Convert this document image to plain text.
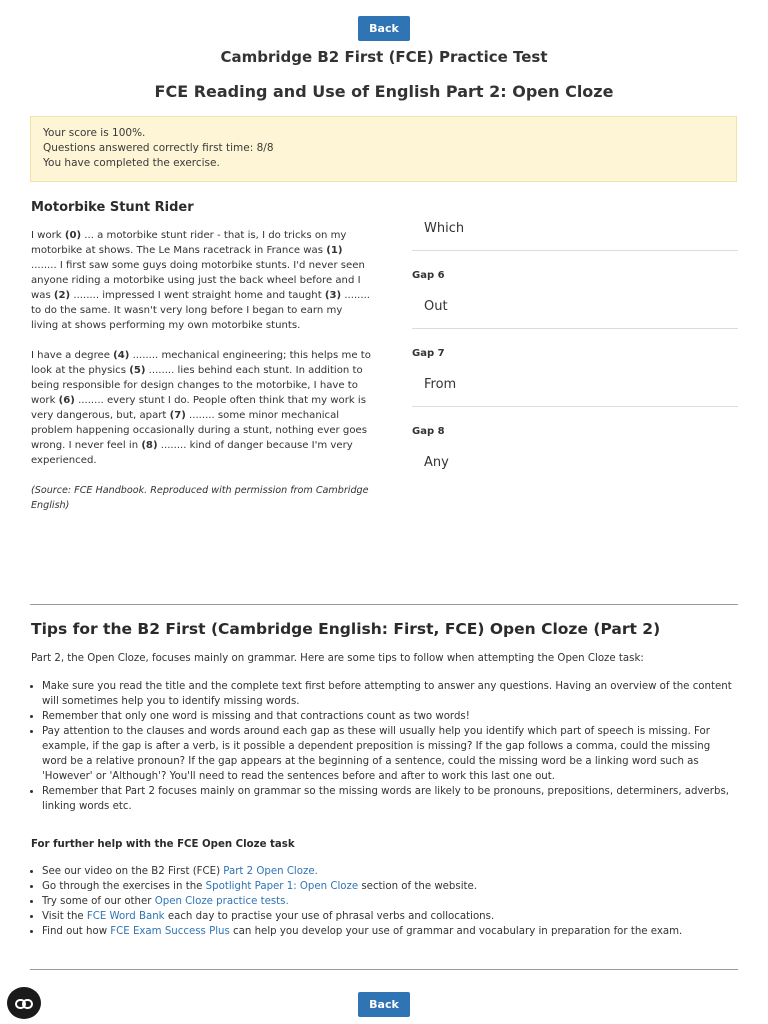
Back
Cambridge B2 First (FCE) Practice Test
FCE Reading and Use of English Part 2: Open Cloze
Your score is 100%.
Questions answered correctly first time: 8/8
You have completed the exercise.
Motorbike Stunt Rider

I work (0) ... a motorbike stunt rider - that is, I do tricks on my motorbike at shows. The Le Mans racetrack in France was (1) ........ I first saw some guys doing motorbike stunts. I'd never seen anyone riding a motorbike using just the back wheel before and I was (2) ........ impressed I went straight home and taught (3) ........ to do the same. It wasn't very long before I began to earn my living at shows performing my own motorbike stunts.

I have a degree (4) ........ mechanical engineering; this helps me to look at the physics (5) ........ lies behind each stunt. In addition to being responsible for design changes to the motorbike, I have to work (6) ........ every stunt I do. People often think that my work is very dangerous, but, apart (7) ........ some minor mechanical problem happening occasionally during a stunt, nothing ever goes wrong. I never feel in (8) ........ kind of danger because I'm very experienced.

(Source: FCE Handbook. Reproduced with permission from Cambridge English)

Which
Gap 6
Out
Gap 7
From
Gap 8
Any
Tips for the B2 First (Cambridge English: First, FCE) Open Cloze (Part 2)

Part 2, the Open Cloze, focuses mainly on grammar. Here are some tips to follow when attempting the Open Cloze task:

• Make sure you read the title and the complete text first before attempting to answer any questions. Having an overview of the content will sometimes help you to identify missing words.
• Remember that only one word is missing and that contractions count as two words!
• Pay attention to the clauses and words around each gap as these will usually help you identify which part of speech is missing. For example, if the gap is after a verb, is it possible a dependent preposition is missing? If the gap follows a comma, could the missing word be a relative pronoun? If the gap appears at the beginning of a sentence, could the missing word be a linking word such as 'However' or 'Although'? You'll need to read the sentences before and after to work this last one out.
• Remember that Part 2 focuses mainly on grammar so the missing words are likely to be pronouns, prepositions, determiners, adverbs, linking words etc.

For further help with the FCE Open Cloze task

• See our video on the B2 First (FCE) Part 2 Open Cloze.
• Go through the exercises in the Spotlight Paper 1: Open Cloze section of the website.
• Try some of our other Open Cloze practice tests.
• Visit the FCE Word Bank each day to practise your use of phrasal verbs and collocations.
• Find out how FCE Exam Success Plus can help you develop your use of grammar and vocabulary in preparation for the exam.
Back
